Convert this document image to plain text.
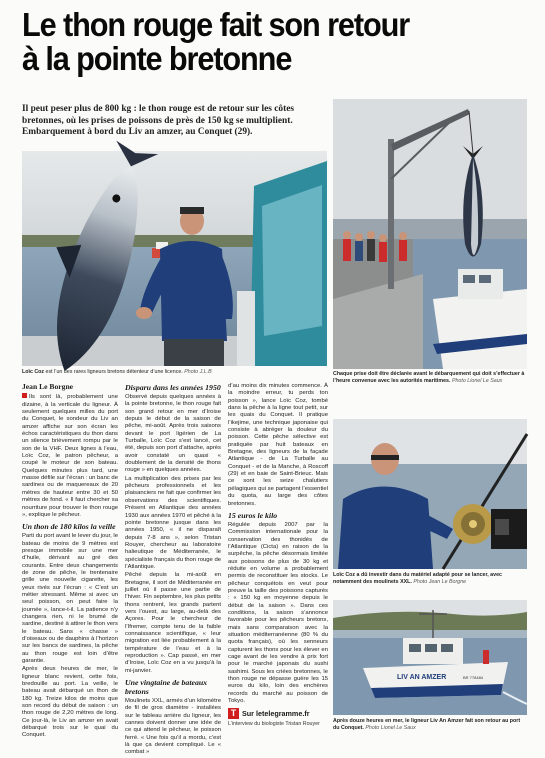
Le thon rouge fait son retour
à la pointe bretonne
Il peut peser plus de 800 kg : le thon rouge est de retour sur les côtes bretonnes, où les prises de poissons de près de 150 kg se multiplient. Embarquement à bord du Liv an amzer, au Conquet (29).
Loïc Coz est l’un des rares ligneurs bretons détenteur d’une licence. Photo J.L.B	Chaque prise doit être déclarée avant le débarquement qui doit s’effectuer à l’heure convenue avec les autorités maritimes. Photo Lionel Le Saux
Loïc Coz a dû investir dans du matériel adapté pour se lancer, avec notamment des moulinets XXL. Photo Jean Le Borgne
LIV AN AMZER	BR 778484
Après douze heures en mer, le ligneur Liv An Amzer fait son retour au port du Conquet. Photo Lionel Le Saux
Jean Le Borgne

Ils sont là, probablement une dizaine, à la verticale du ligneur. À seulement quelques milles du port du Conquet, le sondeur du Liv an amzer affiche sur son écran les échos caractéristiques du thon dans un silence brièvement rompu par le son de la VHF. Deux lignes à l’eau, Loïc Coz, le patron pêcheur, a coupé le moteur de son bateau. Quelques minutes plus tard, une masse défile sur l’écran : un banc de sardines ou de maquereaux de 20 mètres de hauteur entre 30 et 50 mètres de fond. « Il faut chercher sa nourriture pour trouver le thon rouge », explique le pêcheur.

Un thon de 180 kilos la veille

Parti du port avant le lever du jour, le bateau de moins de 9 mètres est presque immobile sur une mer d’huile, dérivant au gré des courants. Entre deux changements de zone de pêche, le trentenaire grille une nouvelle cigarette, les yeux rivés sur l’écran : « C’est un métier stressant. Même si avec un seul poisson, on peut faire la journée », lance-t-il. La patience n’y changera rien, ni le brumé de sardine, destiné à attirer le thon vers le bateau. Sans « chasse » d’oiseaux ou de dauphins à l’horizon sur les bancs de sardines, la pêche au thon rouge est loin d’être garantie.

Après deux heures de mer, le ligneur blanc revient, cette fois, bredouille au port. La veille, le bateau avait débarqué un thon de 180 kg. Treize kilos de moins que son record du début de saison : un thon rouge de 2,20 mètres de long. Ce jour-là, le Liv an amzer en avait débarqué trois sur le quai du Conquet.

Disparu dans les années 1950

Observé depuis quelques années à la pointe bretonne, le thon rouge fait son grand retour en mer d’Iroise depuis le début de la saison de pêche, mi-août. Après trois saisons devant le port ligérien de La Turballe, Loïc Coz s’est lancé, cet été, depuis son port d’attache, après avoir constaté un quasi « doublement de la densité de thons rouge » en quelques années.

La multiplication des prises par les pêcheurs professionnels et les plaisanciers ne fait que confirmer les observations des scientifiques. Présent en Atlantique des années 1930 aux années 1970 et pêché à la pointe bretonne jusque dans les années 1950, « il ne disparaît depuis 7-8 ans », selon Tristan Rouyer, chercheur au laboratoire halieutique de Méditerranée, le spécialiste français du thon rouge de l’Atlantique.

Pêché depuis la mi-août en Bretagne, il sort de Méditerranée en juillet où il passe une partie de l’hiver. Fin septembre, les plus petits thons rentrent, les grands partent vers l’ouest, au large, au-delà des Açores. Pour le chercheur de l’Ifremer, compte tenu de la faible connaissance scientifique, « leur migration est liée probablement à la température de l’eau et à la reproduction ». Cap passé, en mer d’Iroise, Loïc Coz en a vu jusqu’à la mi-janvier.

Une vingtaine de bateaux bretons

Moulinets XXL, armés d’un kilomètre de fil de gros diamètre - installées sur le tableau arrière du ligneur, les cannes doivent donner une idée de ce qui attend le pêcheur, le poisson ferré. « Une fois qu’il a mordu, c’est là que ça devient compliqué. Le « combat »

d’au moins dix minutes commence. À la moindre erreur, tu perds ton poisson », lance Loïc Coz, tombé dans la pêche à la ligne tout petit, sur les quais du Conquet. Il pratique l’ikejime, une technique japonaise qui consiste à abréger la douleur du poisson. Cette pêche sélective est pratiquée par huit bateaux en Bretagne, des ligneurs de la façade Atlantique - de La Turballe au Conquet - et de la Manche, à Roscoff (29) et en baie de Saint-Brieuc. Mais ce sont les seize chalutiers pélagiques qui se partagent l’essentiel du quota, au large des côtes bretonnes.

15 euros le kilo

Régulée depuis 2007 par la Commission internationale pour la conservation des thonidés de l’Atlantique (Cicta) en raison de la surpêche, la pêche désormais limitée aux poissons de plus de 30 kg et réduite en volume a probablement permis de reconstituer les stocks. Le pêcheur conquétois en veut pour preuve la taille des poissons capturés : « 150 kg en moyenne depuis le début de la saison ». Dans ces conditions, la saison s’annonce favorable pour les pêcheurs bretons, mais sans comparaison avec la situation méditerranéenne (80 % du quota français), où les senneurs capturent les thons pour les élever en cage avant de les vendre à prix fort pour le marché japonais du sushi sashimi. Sous les criées bretonnes, le thon rouge ne dépasse guère les 15 euros du kilo, loin des enchères records du marché au poisson de Tokyo.

T Sur letelegramme.fr
L’interview du biologiste Tristan Rouyer
